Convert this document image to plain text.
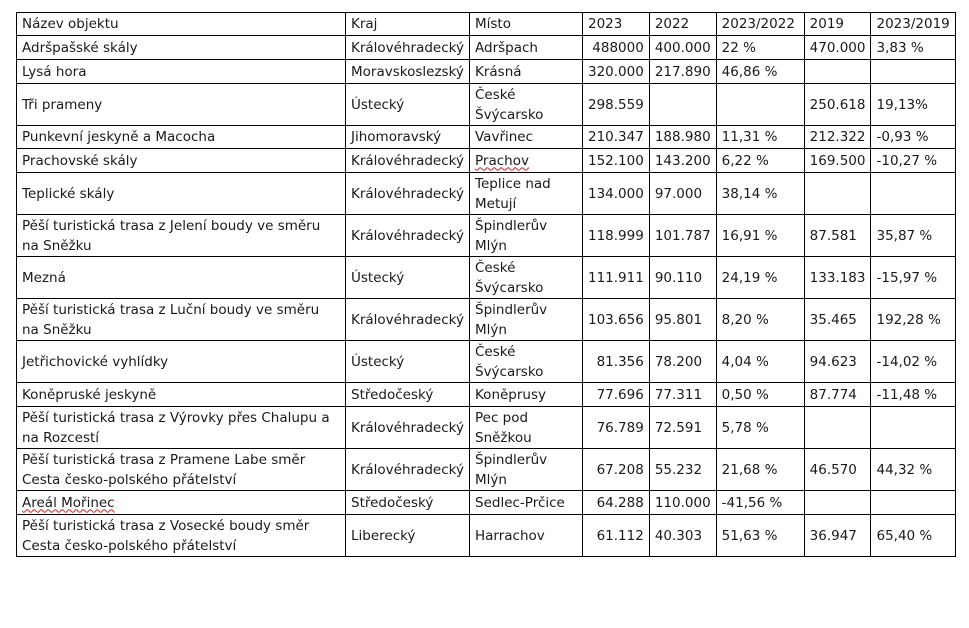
Název objektu	Kraj	Místo	2023	2022	2023/2022	2019	2023/2019
Adršpašské skály	Královéhradecký	Adršpach	488000	400.000	22 %	470.000	3,83 %
Lysá hora	Moravskoslezský	Krásná	320.000	217.890	46,86 %		
Tři prameny	Ústecký	České Švýcarsko	298.559			250.618	19,13%
Punkevní jeskyně a Macocha	Jihomoravský	Vavřinec	210.347	188.980	11,31 %	212.322	-0,93 %
Prachovské skály	Královéhradecký	Prachov	152.100	143.200	6,22 %	169.500	-10,27 %
Teplické skály	Královéhradecký	Teplice nad Metují	134.000	97.000	38,14 %		
Pěší turistická trasa z Jelení boudy ve směru na Sněžku	Královéhradecký	Špindlerův Mlýn	118.999	101.787	16,91 %	87.581	35,87 %
Mezná	Ústecký	České Švýcarsko	111.911	90.110	24,19 %	133.183	-15,97 %
Pěší turistická trasa z Luční boudy ve směru na Sněžku	Královéhradecký	Špindlerův Mlýn	103.656	95.801	8,20 %	35.465	192,28 %
Jetřichovické vyhlídky	Ústecký	České Švýcarsko	81.356	78.200	4,04 %	94.623	-14,02 %
Koněpruské jeskyně	Středočeský	Koněprusy	77.696	77.311	0,50 %	87.774	-11,48 %
Pěší turistická trasa z Výrovky přes Chalupu a na Rozcestí	Královéhradecký	Pec pod Sněžkou	76.789	72.591	5,78 %		
Pěší turistická trasa z Pramene Labe směr Cesta česko-polského přátelství	Královéhradecký	Špindlerův Mlýn	67.208	55.232	21,68 %	46.570	44,32 %
Areál Mořinec	Středočeský	Sedlec-Prčice	64.288	110.000	-41,56 %		
Pěší turistická trasa z Vosecké boudy směr Cesta česko-polského přátelství	Liberecký	Harrachov	61.112	40.303	51,63 %	36.947	65,40 %
